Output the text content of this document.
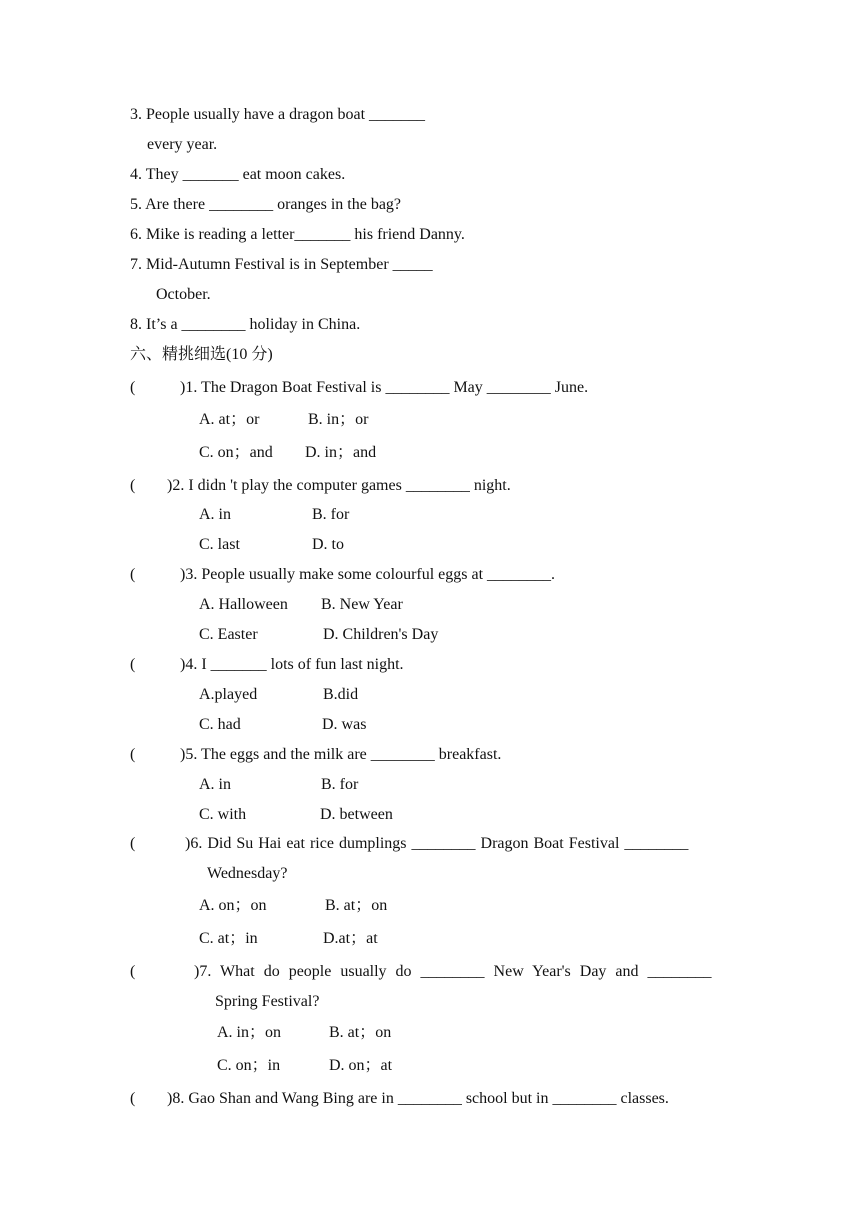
3. People usually have a dragon boat _______
every year.
4. They _______ eat moon cakes.
5. Are there ________ oranges in the bag?
6. Mike is reading a letter_______ his friend Danny.
7. Mid-Autumn Festival is in September _____
October.
8. It’s a ________ holiday in China.
六、精挑细选(10 分)
(	)1. The Dragon Boat Festival is ________ May ________ June.
A. at；or	B. in；or
C. on；and D. in；and
( )2. I didn 't play the computer games ________ night.
A. in	B. for
C. last	D. to
(	)3. People usually make some colourful eggs at ________.
A. Halloween B. New Year
C. Easter	D. Children's Day
(	)4. I _______ lots of fun last night.
A.played	B.did
C. had	D. was
(	)5. The eggs and the milk are ________ breakfast.
A. in	B. for
C. with	D. between
(	)6. Did Su Hai eat rice dumplings ________ Dragon Boat Festival ________
Wednesday?
A. on；on	B. at；on
C. at；in	D.at；at
(	)7. What do people usually do ________ New Year's Day and ________
Spring Festival?
A. in；on	B. at；on
C. on；in	D. on；at
( )8. Gao Shan and Wang Bing are in ________ school but in ________ classes.
